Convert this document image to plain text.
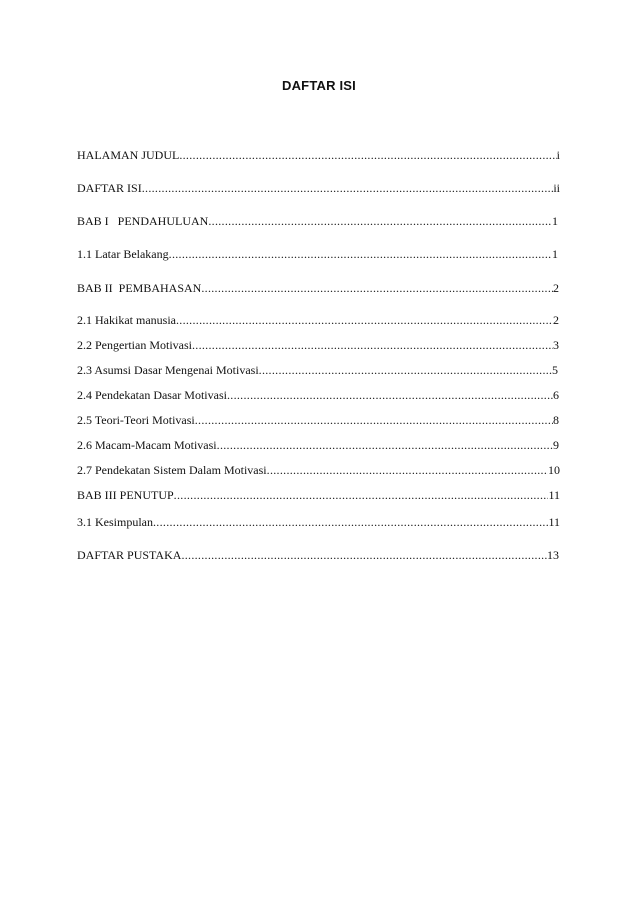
DAFTAR ISI
HALAMAN JUDUL .....	i
DAFTAR ISI .....	ii
BAB I   PENDAHULUAN .....	1
1.1 Latar Belakang .....	1
BAB II  PEMBAHASAN .....	2
2.1 Hakikat manusia .....	2
2.2 Pengertian Motivasi .....	3
2.3 Asumsi Dasar Mengenai Motivasi .....	5
2.4 Pendekatan Dasar Motivasi .....	6
2.5 Teori-Teori Motivasi .....	8
2.6 Macam-Macam Motivasi .....	9
2.7 Pendekatan Sistem Dalam Motivasi .....	10
BAB III PENUTUP .....	11
3.1 Kesimpulan .....	11
DAFTAR PUSTAKA .....	13
